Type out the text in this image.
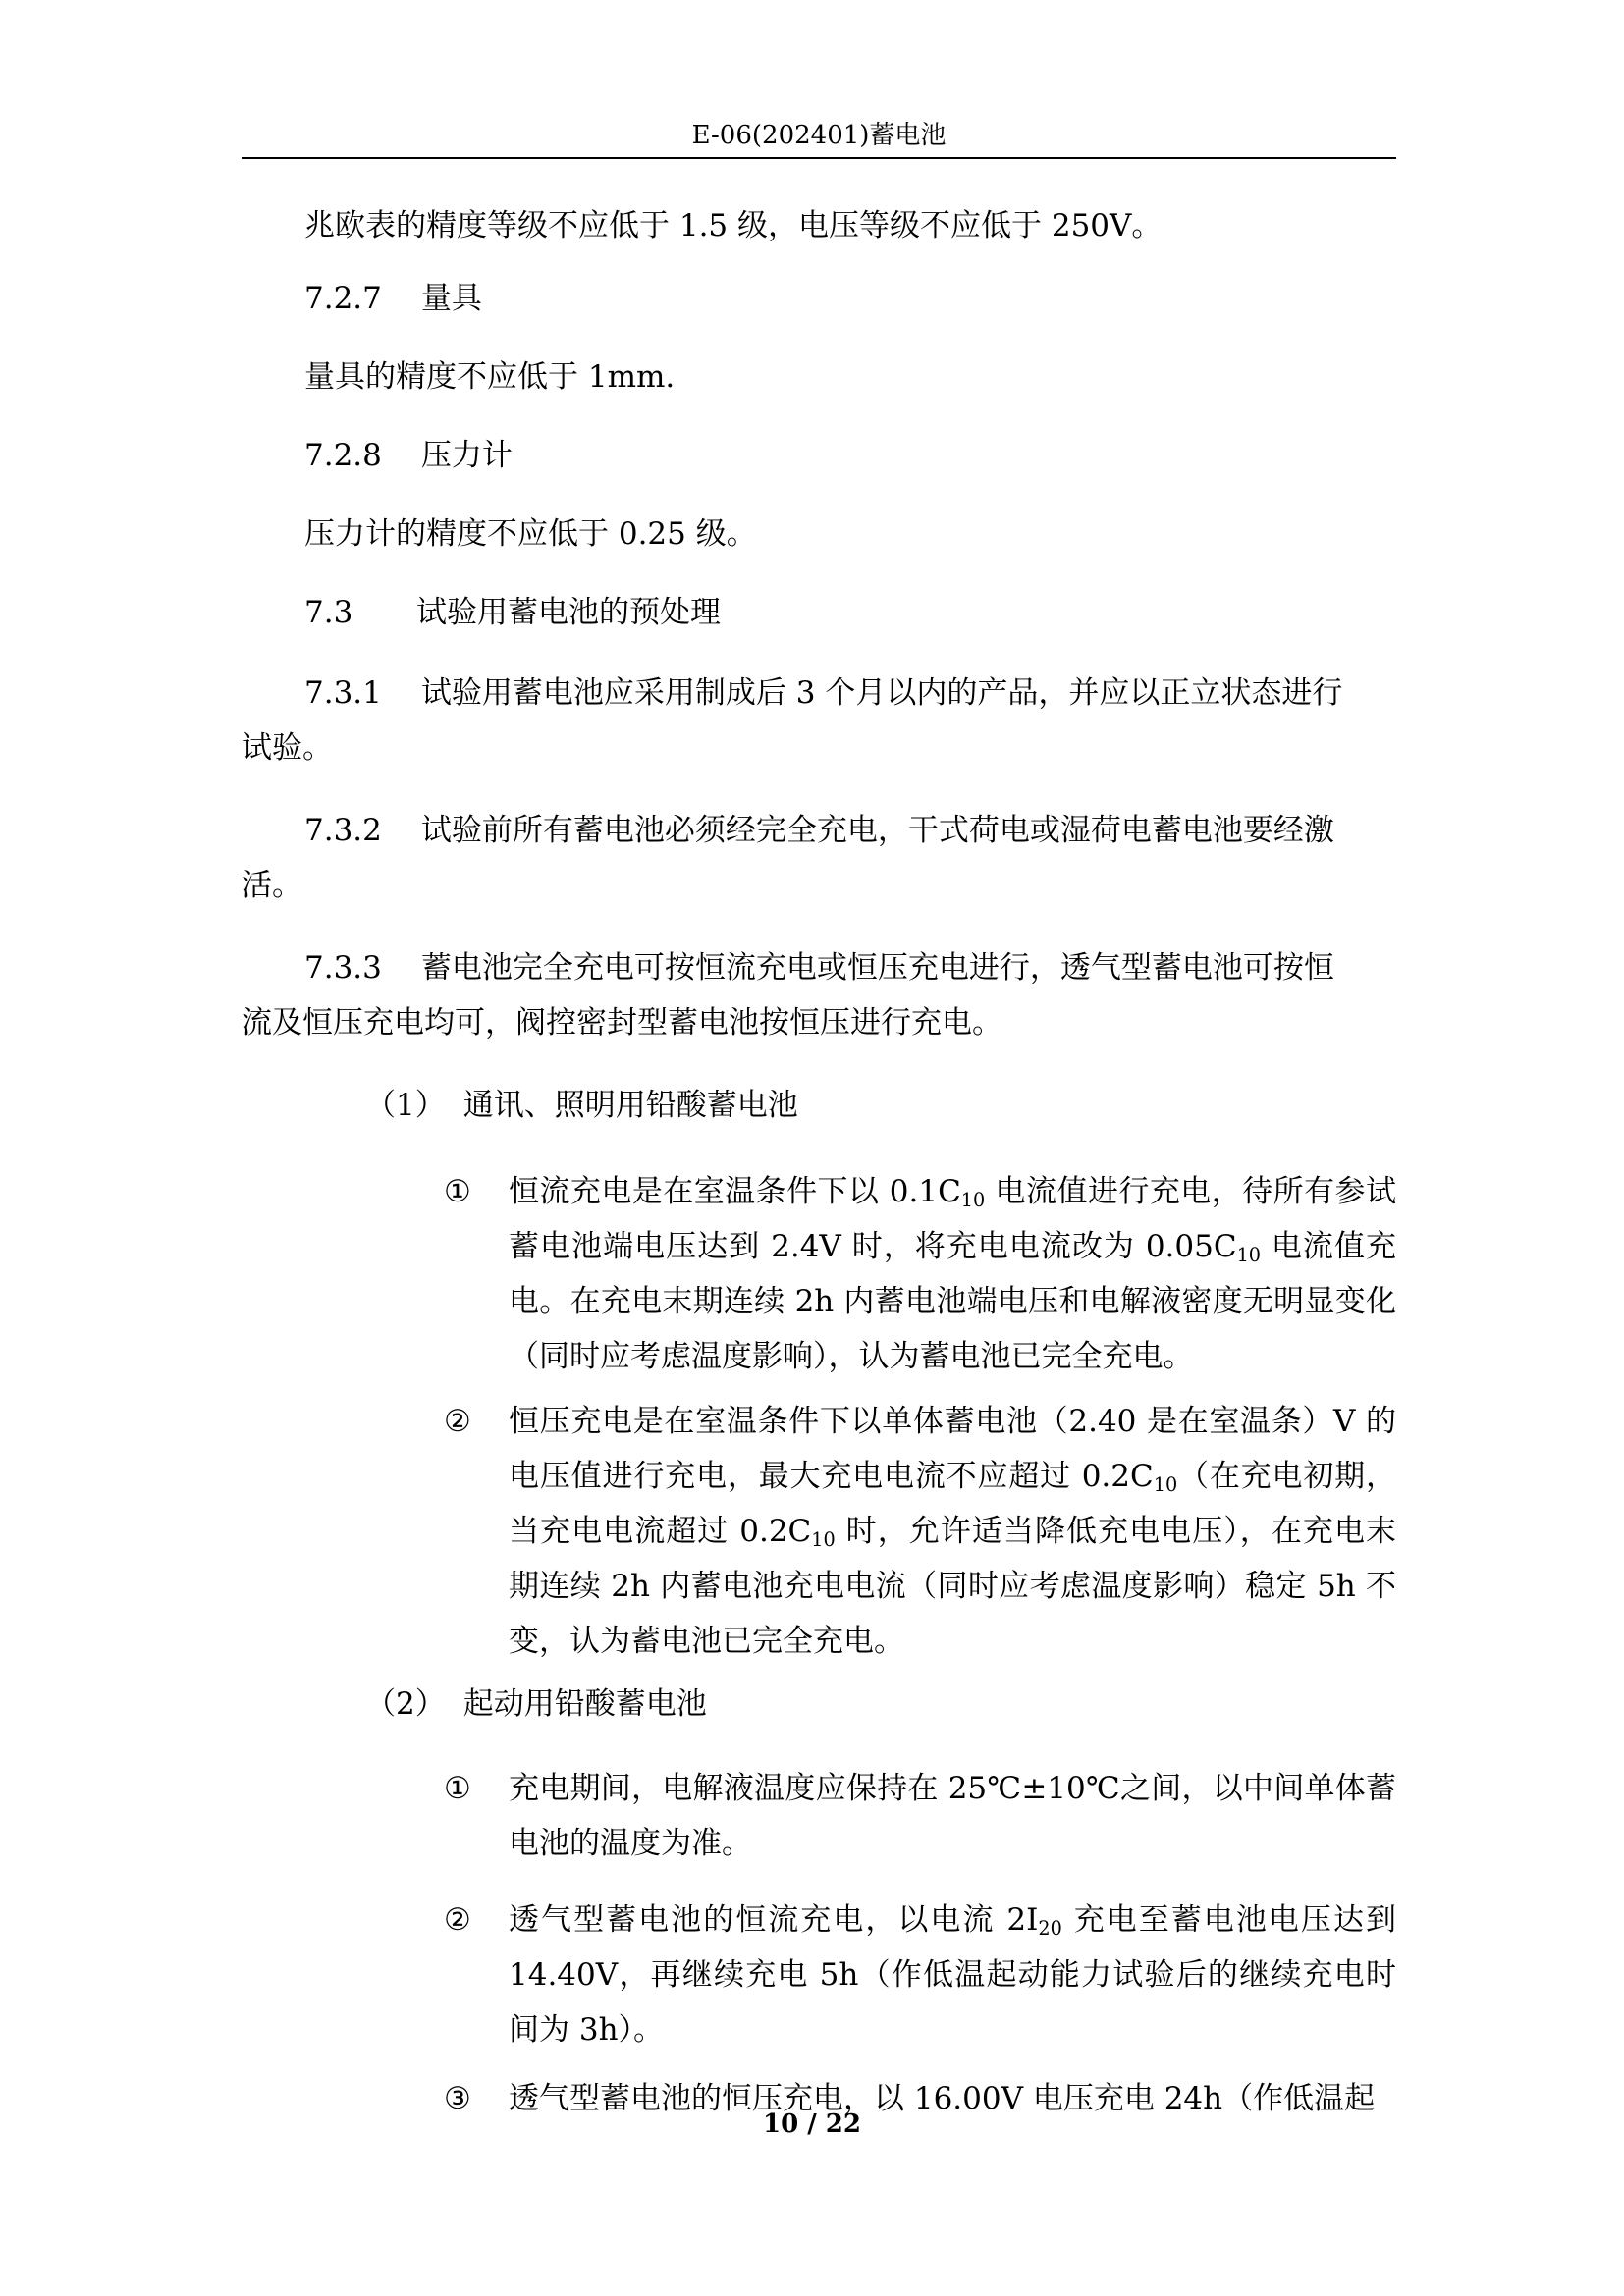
E-06(202401)蓄电池

兆欧表的精度等级不应低于 1.5 级，电压等级不应低于 250V。

7.2.7 量具

量具的精度不应低于 1mm.

7.2.8 压力计

压力计的精度不应低于 0.25 级。

7.3 试验用蓄电池的预处理

7.3.1 试验用蓄电池应采用制成后 3 个月以内的产品，并应以正立状态进行
试验。
7.3.2 试验前所有蓄电池必须经完全充电，干式荷电或湿荷电蓄电池要经激
活。
7.3.3 蓄电池完全充电可按恒流充电或恒压充电进行，透气型蓄电池可按恒
流及恒压充电均可，阀控密封型蓄电池按恒压进行充电。

（1） 通讯、照明用铅酸蓄电池

① 恒流充电是在室温条件下以 $0.1C_{10}$ 电流值进行充电，待所有参试蓄电池端电压达到 2.4V 时，将充电电流改为 $0.05C_{10}$ 电流值充电。在充电末期连续 2h 内蓄电池端电压和电解液密度无明显变化（同时应考虑温度影响），认为蓄电池已完全充电。
② 恒压充电是在室温条件下以单体蓄电池（2.40 是在室温条）V 的电压值进行充电，最大充电电流不应超过 $0.2C_{10}$（在充电初期，当充电电流超过 $0.2C_{10}$ 时，允许适当降低充电电压），在充电末期连续 2h 内蓄电池充电电流（同时应考虑温度影响）稳定 5h 不变，认为蓄电池已完全充电。

（2） 起动用铅酸蓄电池

① 充电期间，电解液温度应保持在 25℃±10℃之间，以中间单体蓄电池的温度为准。
② 透气型蓄电池的恒流充电，以电流 $2I_{20}$ 充电至蓄电池电压达到 14.40V，再继续充电 5h（作低温起动能力试验后的继续充电时间为 3h）。
③ 透气型蓄电池的恒压充电，以 16.00V 电压充电 24h（作低温起
10 / 22
